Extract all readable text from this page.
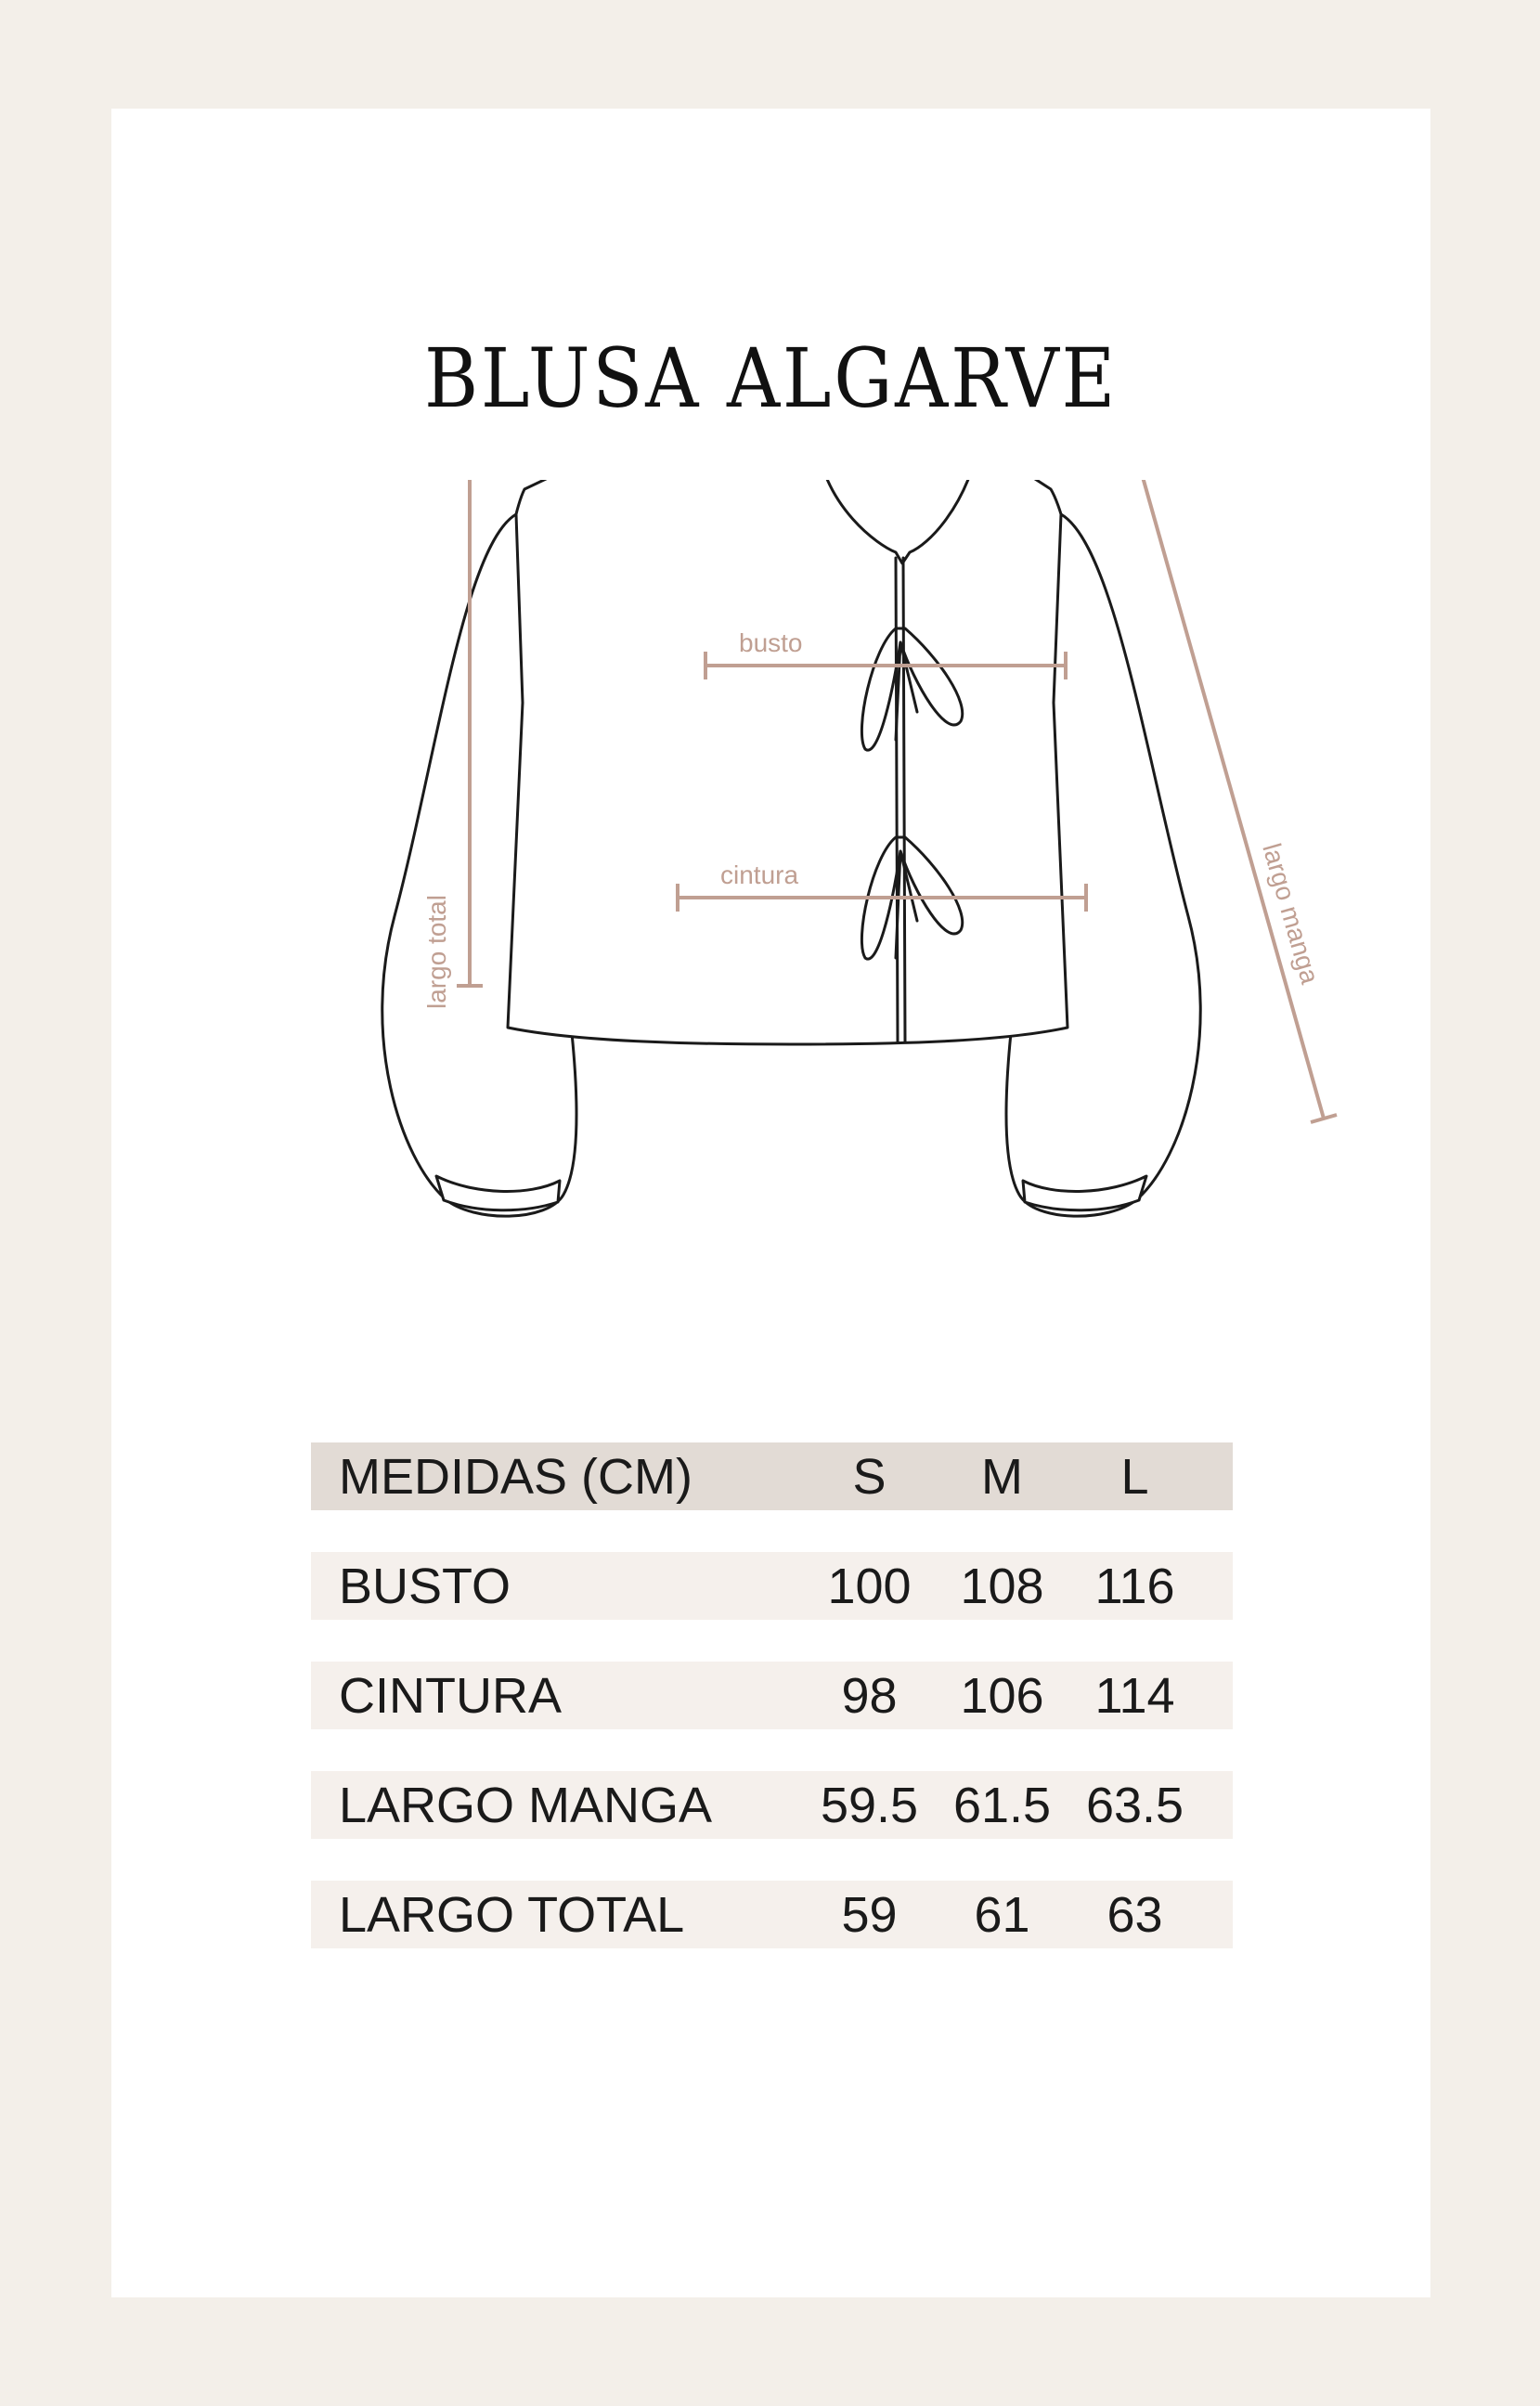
BLUSA ALGARVE
busto
cintura
largo total	largo manga
MEDIDAS (CM)	S	M	L
BUSTO	100 108	116
CINTURA	98	106	114
LARGO MANGA	59.5 61.5 63.5
LARGO TOTAL	59	61	63
